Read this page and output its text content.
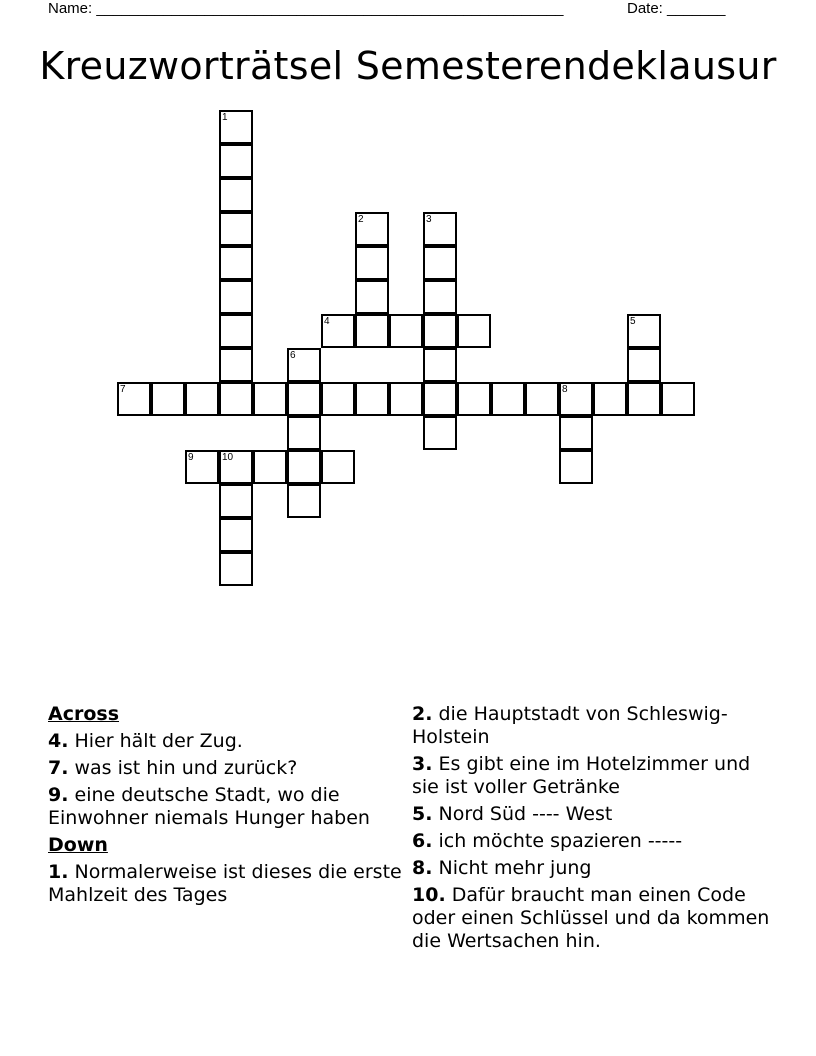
Name: ________________________________________________________	Date: _______
Kreuzworträtsel Semesterendeklausur
1
2	3
4	5
6
7	8
9	10
Across
4. Hier hält der Zug.
7. was ist hin und zurück?
9. eine deutsche Stadt, wo die Einwohner niemals Hunger haben
Down
1. Normalerweise ist dieses die erste Mahlzeit des Tages
2. die Hauptstadt von Schleswig-Holstein
3. Es gibt eine im Hotelzimmer und sie ist voller Getränke
5. Nord Süd ---- West
6. ich möchte spazieren -----
8. Nicht mehr jung
10. Dafür braucht man einen Code oder einen Schlüssel und da kommen die Wertsachen hin.
